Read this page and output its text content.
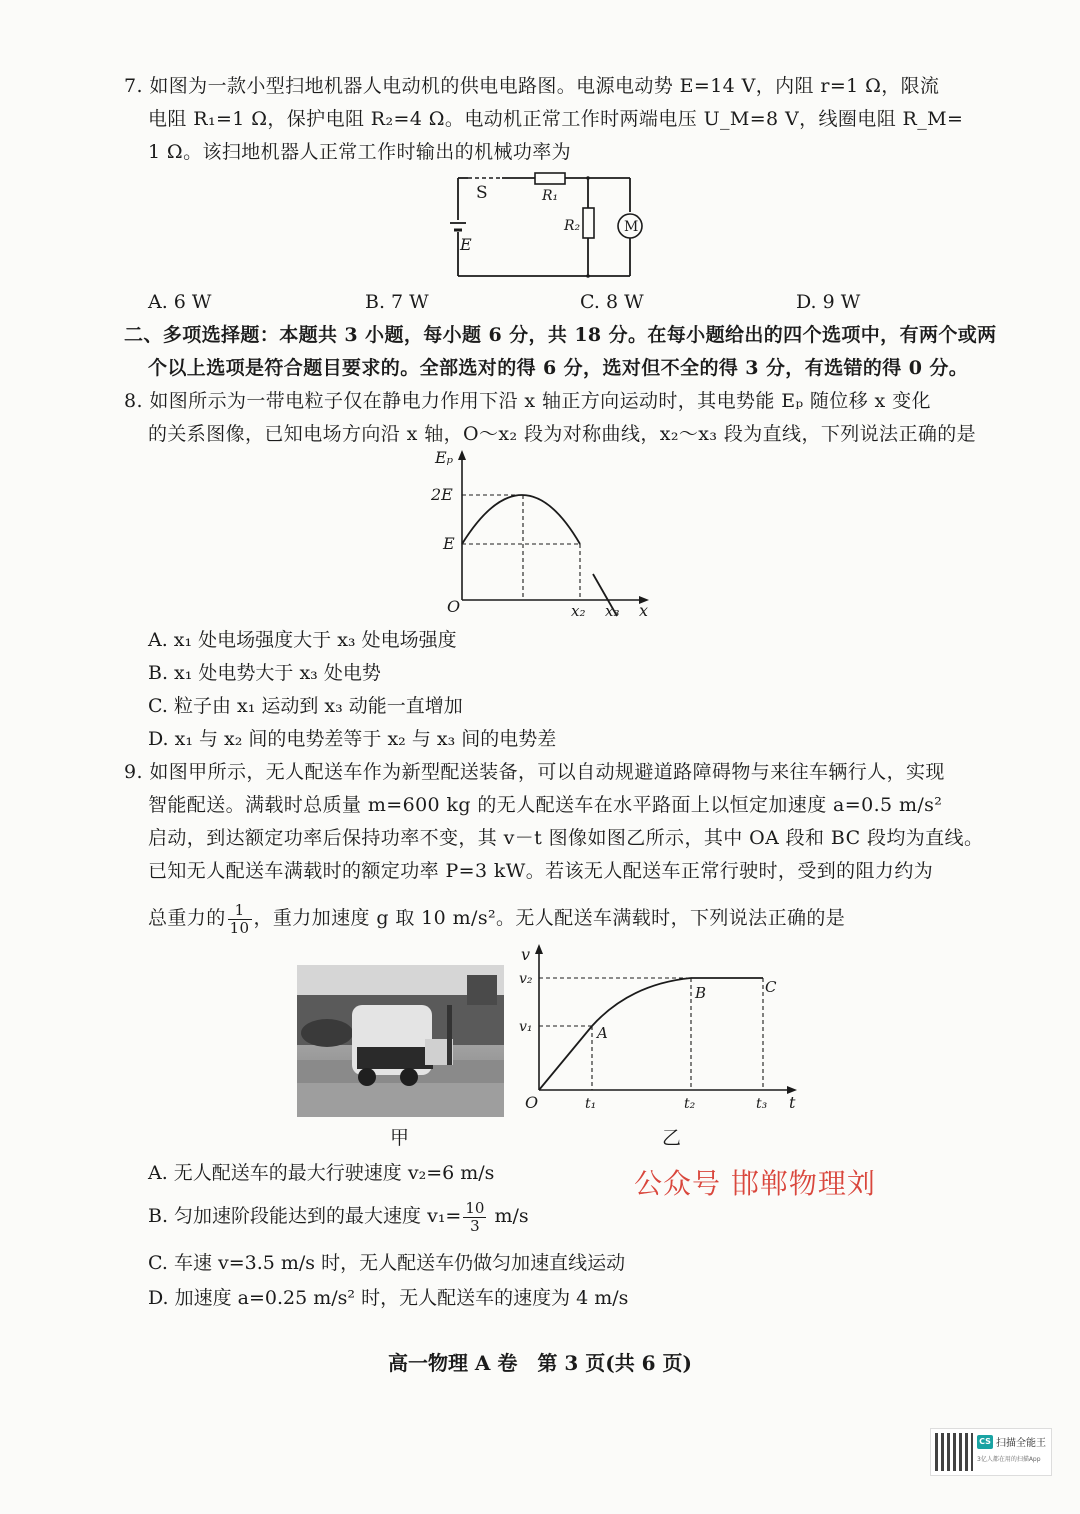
7. 如图为一款小型扫地机器人电动机的供电电路图。电源电动势 E=14 V，内阻 r=1 Ω，限流
电阻 R₁=1 Ω，保护电阻 R₂=4 Ω。电动机正常工作时两端电压 U_M=8 V，线圈电阻 R_M=
1 Ω。该扫地机器人正常工作时输出的机械功率为
S	R₁
R₂	M
E
A. 6 W	B. 7 W	C. 8 W	D. 9 W
二、多项选择题：本题共 3 小题，每小题 6 分，共 18 分。在每小题给出的四个选项中，有两个或两
个以上选项是符合题目要求的。全部选对的得 6 分，选对但不全的得 3 分，有选错的得 0 分。
8. 如图所示为一带电粒子仅在静电力作用下沿 x 轴正方向运动时，其电势能 Eₚ 随位移 x 变化
的关系图像，已知电场方向沿 x 轴，O～x₂ 段为对称曲线，x₂～x₃ 段为直线，下列说法正确的是
Eₚ
2E
E
O	x₂ x₃ x
A. x₁ 处电场强度大于 x₃ 处电场强度
B. x₁ 处电势大于 x₃ 处电势
C. 粒子由 x₁ 运动到 x₃ 动能一直增加
D. x₁ 与 x₂ 间的电势差等于 x₂ 与 x₃ 间的电势差
9. 如图甲所示，无人配送车作为新型配送装备，可以自动规避道路障碍物与来往车辆行人，实现
智能配送。满载时总质量 m=600 kg 的无人配送车在水平路面上以恒定加速度 a=0.5 m/s²
启动，到达额定功率后保持功率不变，其 v－t 图像如图乙所示，其中 OA 段和 BC 段均为直线。
已知无人配送车满载时的额定功率 P=3 kW。若该无人配送车正常行驶时，受到的阻力约为
总重力的 $\frac{1}{10}$ ，重力加速度 g 取 10 m/s²。无人配送车满载时，下列说法正确的是
甲
v
v₂
v₁
O	t₁	t₂	t₃ t
A
B	C
乙
公众号 邯郸物理刘
A. 无人配送车的最大行驶速度 v₂=6 m/s
B. 匀加速阶段能达到的最大速度 $v_1= \frac{10}{3} m/s$
C. 车速 v=3.5 m/s 时，无人配送车仍做匀加速直线运动
D. 加速度 a=0.25 m/s² 时，无人配送车的速度为 4 m/s
高一物理 A 卷　第 3 页(共 6 页)
CS 扫描全能王
3亿人都在用的扫描App
